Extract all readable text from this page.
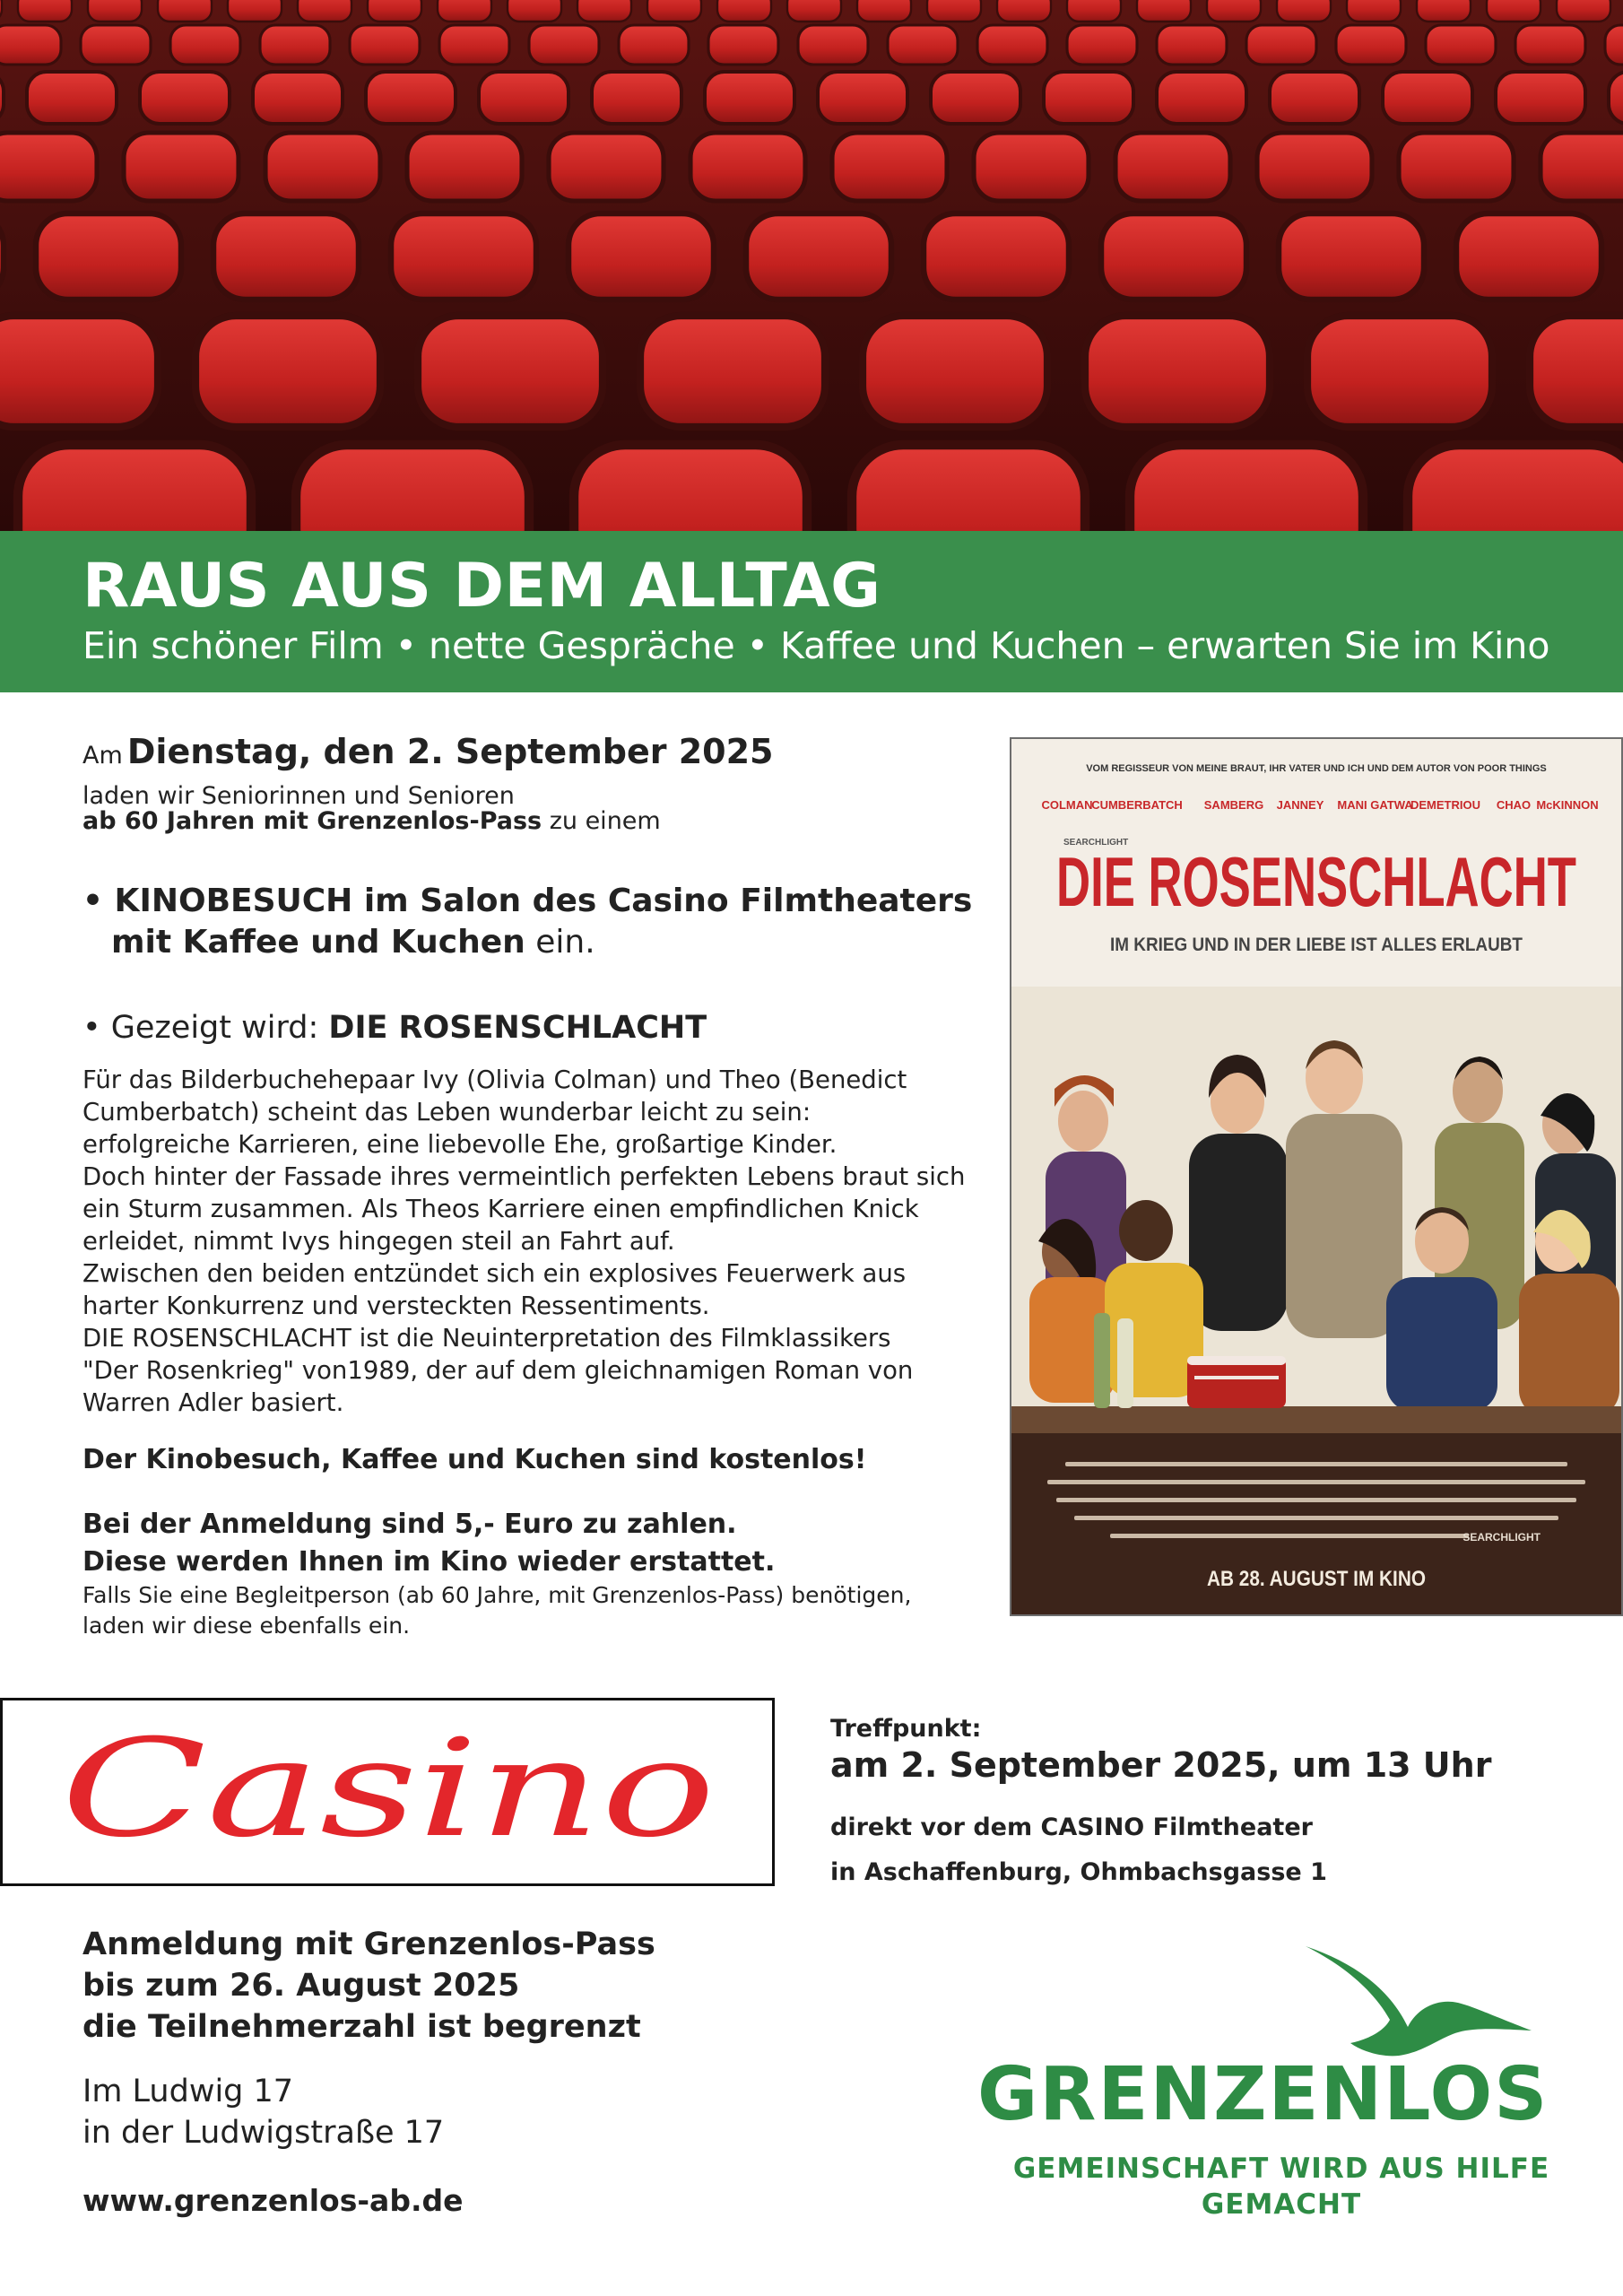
RAUS AUS DEM ALLTAG
Ein schöner Film • nette Gespräche • Kaffee und Kuchen – erwarten Sie im Kino
Am Dienstag, den 2. September 2025
laden wir Seniorinnen und Senioren
ab 60 Jahren mit Grenzenlos-Pass zu einem
• KINOBESUCH im Salon des Casino Filmtheaters
mit Kaffee und Kuchen ein.
• Gezeigt wird: DIE ROSENSCHLACHT
Für das Bilderbuchehepaar Ivy (Olivia Colman) und Theo (Benedict
Cumberbatch) scheint das Leben wunderbar leicht zu sein:
erfolgreiche Karrieren, eine liebevolle Ehe, großartige Kinder.
Doch hinter der Fassade ihres vermeintlich perfekten Lebens braut sich
ein Sturm zusammen. Als Theos Karriere einen empfindlichen Knick
erleidet, nimmt Ivys hingegen steil an Fahrt auf.
Zwischen den beiden entzündet sich ein explosives Feuerwerk aus
harter Konkurrenz und versteckten Ressentiments.
DIE ROSENSCHLACHT ist die Neuinterpretation des Filmklassikers
"Der Rosenkrieg" von1989, der auf dem gleichnamigen Roman von
Warren Adler basiert.
Der Kinobesuch, Kaffee und Kuchen sind kostenlos!
Bei der Anmeldung sind 5,- Euro zu zahlen.
Diese werden Ihnen im Kino wieder erstattet.
Falls Sie eine Begleitperson (ab 60 Jahre, mit Grenzenlos-Pass) benötigen,
laden wir diese ebenfalls ein.
VOM REGISSEUR VON MEINE BRAUT, IHR VATER UND ICH UND DEM AUTOR VON POOR THINGS
COLMAN
CUMBERBATCH SAMBERG JANNEY MANI GATWA
DEMETRIOU CHAO McKINNON
SEARCHLIGHT
DIE ROSENSCHLACHT
IM KRIEG UND IN DER LIEBE IST ALLES ERLAUBT
SEARCHLIGHT
AB 28. AUGUST IM KINO
Casino	Treffpunkt:
am 2. September 2025, um 13 Uhr
direkt vor dem CASINO Filmtheater
in Aschaffenburg, Ohmbachsgasse 1
Anmeldung mit Grenzenlos-Pass
bis zum 26. August 2025
die Teilnehmerzahl ist begrenzt
Im Ludwig 17
in der Ludwigstraße 17
www.grenzenlos-ab.de
GRENZENLOS
GEMEINSCHAFT WIRD AUS HILFE
GEMACHT
